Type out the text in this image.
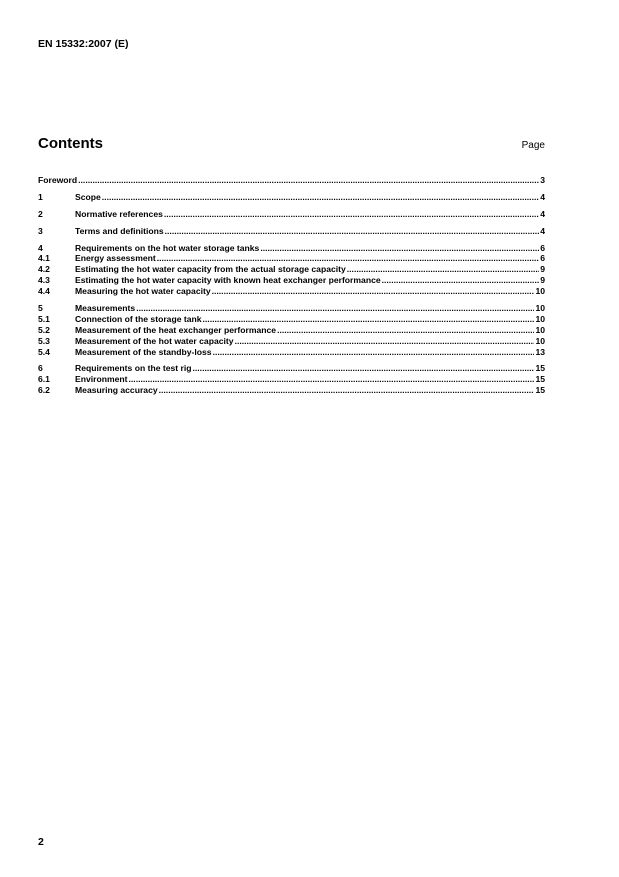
EN 15332:2007 (E)
Contents	Page
Foreword .....	3
1	Scope .....	4
2	Normative references .....	4
3	Terms and definitions .....	4
4	Requirements on the hot water storage tanks .....	6
4.1	Energy assessment .....	6
4.2	Estimating the hot water capacity from the actual storage capacity .....	9
4.3	Estimating the hot water capacity with known heat exchanger performance .....	9
4.4	Measuring the hot water capacity .....	10
5	Measurements .....	10
5.1	Connection of the storage tank .....	10
5.2	Measurement of the heat exchanger performance .....	10
5.3	Measurement of the hot water capacity .....	10
5.4	Measurement of the standby-loss .....	13
6	Requirements on the test rig .....	15
6.1	Environment .....	15
6.2	Measuring accuracy .....	15
2
